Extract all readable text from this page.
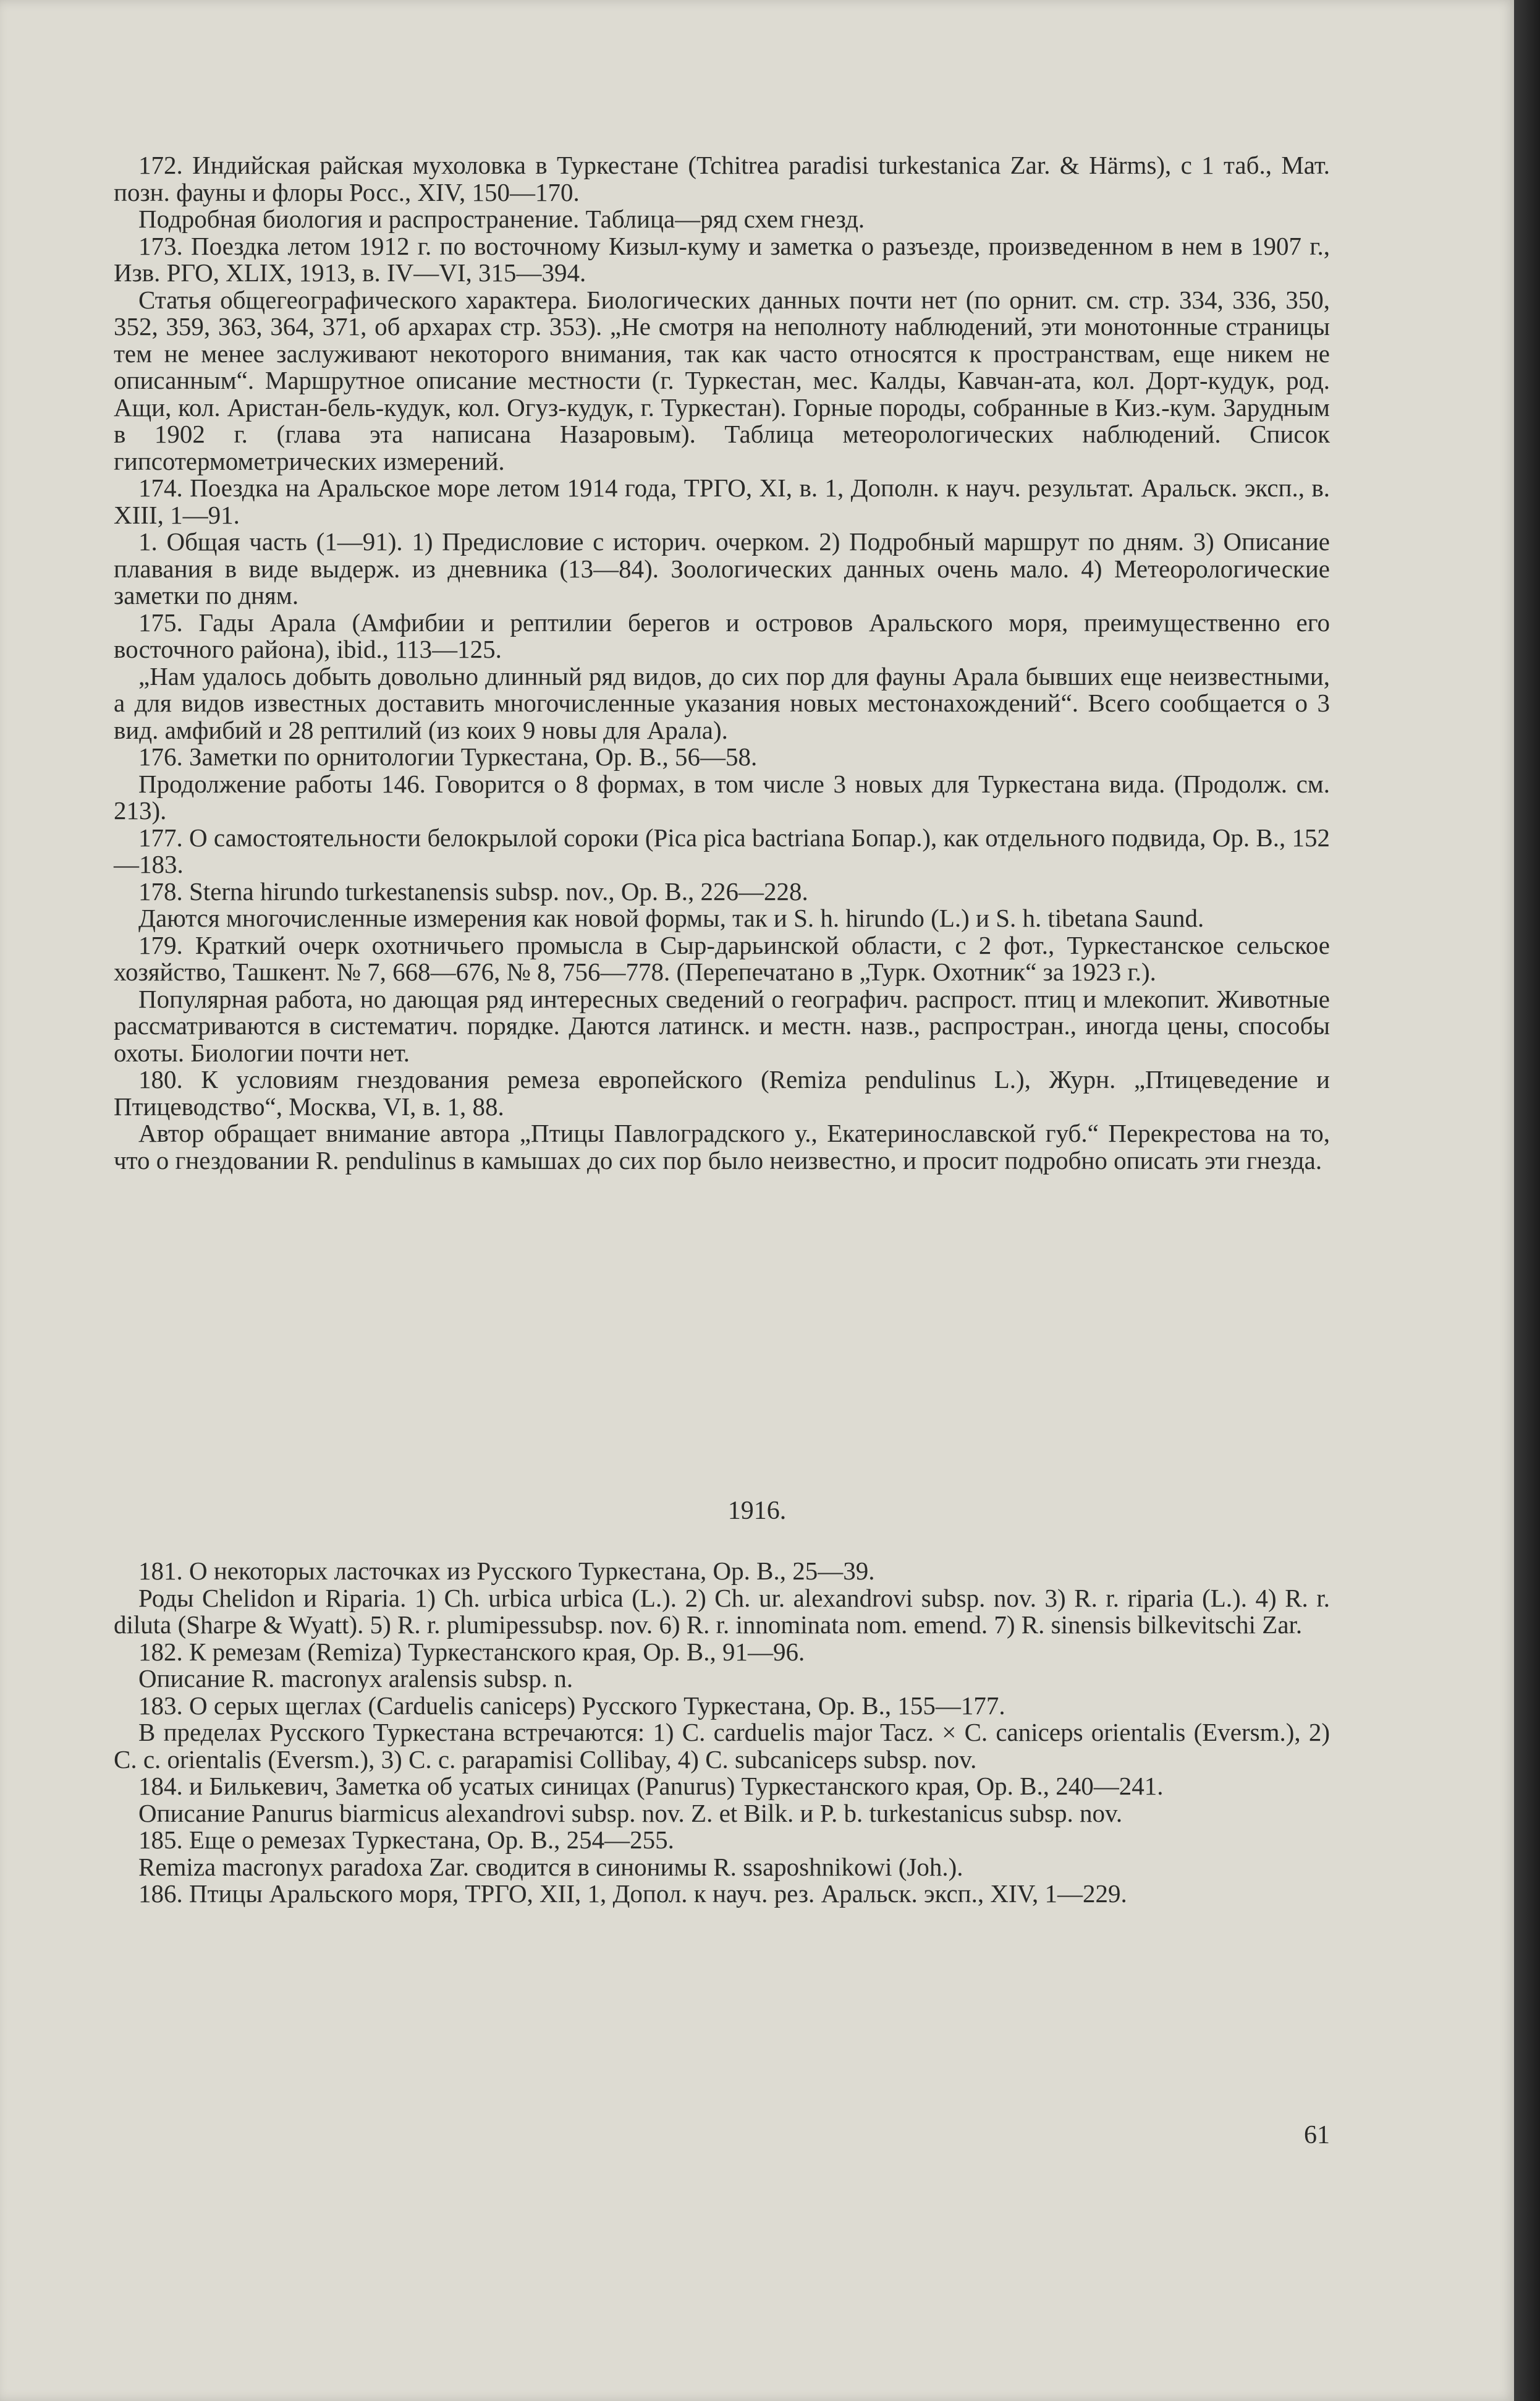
172. Индийская райская мухоловка в Туркестане (Tchitrea paradisi turkestanica Zar. & Härms), с 1 таб., Мат. позн. фауны и флоры Росс., XIV, 150—170.

Подробная биология и распространение. Таблица—ряд схем гнезд.

173. Поездка летом 1912 г. по восточному Кизыл-куму и заметка о разъезде, произведенном в нем в 1907 г., Изв. РГО, XLIX, 1913, в. IV—VI, 315—394.

Статья общегеографического характера. Биологических данных почти нет (по орнит. см. стр. 334, 336, 350, 352, 359, 363, 364, 371, об архарах стр. 353). „Не смотря на неполноту наблюдений, эти монотонные страницы тем не менее заслуживают некоторого внимания, так как часто относятся к пространствам, еще никем не описанным“. Маршрутное описание местности (г. Туркестан, мес. Калды, Кавчан-ата, кол. Дорт-кудук, род. Ащи, кол. Аристан-бель-кудук, кол. Огуз-кудук, г. Туркестан). Горные породы, собранные в Киз.-кум. Зарудным в 1902 г. (глава эта написана Назаровым). Таблица метеорологических наблюдений. Список гипсотермометрических измерений.

174. Поездка на Аральское море летом 1914 года, ТРГО, XI, в. 1, Дополн. к науч. результат. Аральск. эксп., в. XIII, 1—91.

1. Общая часть (1—91). 1) Предисловие с историч. очерком. 2) Подробный маршрут по дням. 3) Описание плавания в виде выдерж. из дневника (13—84). Зоологических данных очень мало. 4) Метеорологические заметки по дням.

175. Гады Арала (Амфибии и рептилии берегов и островов Аральского моря, преимущественно его восточного района), ibid., 113—125.

„Нам удалось добыть довольно длинный ряд видов, до сих пор для фауны Арала бывших еще неизвестными, а для видов известных доставить многочисленные указания новых местонахождений“. Всего сообщается о 3 вид. амфибий и 28 рептилий (из коих 9 новы для Арала).

176. Заметки по орнитологии Туркестана, Ор. В., 56—58.

Продолжение работы 146. Говорится о 8 формах, в том числе 3 новых для Туркестана вида. (Продолж. см. 213).

177. О самостоятельности белокрылой сороки (Pica pica bactriana Бопар.), как отдельного подвида, Ор. В., 152—183.

178. Sterna hirundo turkestanensis subsp. nov., Ор. В., 226—228.

Даются многочисленные измерения как новой формы, так и S. h. hirundo (L.) и S. h. tibetana Saund.

179. Краткий очерк охотничьего промысла в Сыр-дарьинской области, с 2 фот., Туркестанское сельское хозяйство, Ташкент. № 7, 668—676, № 8, 756—778. (Перепечатано в „Турк. Охотник“ за 1923 г.).

Популярная работа, но дающая ряд интересных сведений о географич. распрост. птиц и млекопит. Животные рассматриваются в систематич. порядке. Даются латинск. и местн. назв., распростран., иногда цены, способы охоты. Биологии почти нет.

180. К условиям гнездования ремеза европейского (Remiza pendulinus L.), Журн. „Птицеведение и Птицеводство“, Москва, VI, в. 1, 88.

Автор обращает внимание автора „Птицы Павлоградского у., Екатеринославской губ.“ Перекрестова на то, что о гнездовании R. pendulinus в камышах до сих пор было неизвестно, и просит подробно описать эти гнезда.

1916.

181. О некоторых ласточках из Русского Туркестана, Ор. В., 25—39.

Роды Chelidon и Riparia. 1) Ch. urbica urbica (L.). 2) Ch. ur. alexandrovi subsp. nov. 3) R. r. riparia (L.). 4) R. r. diluta (Sharpe & Wyatt). 5) R. r. plumipessubsp. nov. 6) R. r. innominata nom. emend. 7) R. sinensis bilkevitschi Zar.

182. К ремезам (Remiza) Туркестанского края, Ор. В., 91—96.

Описание R. macronyx aralensis subsp. n.

183. О серых щеглах (Carduelis caniceps) Русского Туркестана, Ор. В., 155—177.

В пределах Русского Туркестана встречаются: 1) C. carduelis major Tacz. × C. caniceps orientalis (Eversm.), 2) C. c. orientalis (Eversm.), 3) C. c. parapamisi Collibay, 4) C. subcaniceps subsp. nov.

184. и Билькевич, Заметка об усатых синицах (Panurus) Туркестанского края, Ор. В., 240—241.

Описание Panurus biarmicus alexandrovi subsp. nov. Z. et Bilk. и P. b. turkestanicus subsp. nov.

185. Еще о ремезах Туркестана, Ор. В., 254—255.

Remiza macronyx paradoxa Zar. сводится в синонимы R. ssaposhnikowi (Joh.).

186. Птицы Аральского моря, ТРГО, XII, 1, Допол. к науч. рез. Аральск. эксп., XIV, 1—229.

61
